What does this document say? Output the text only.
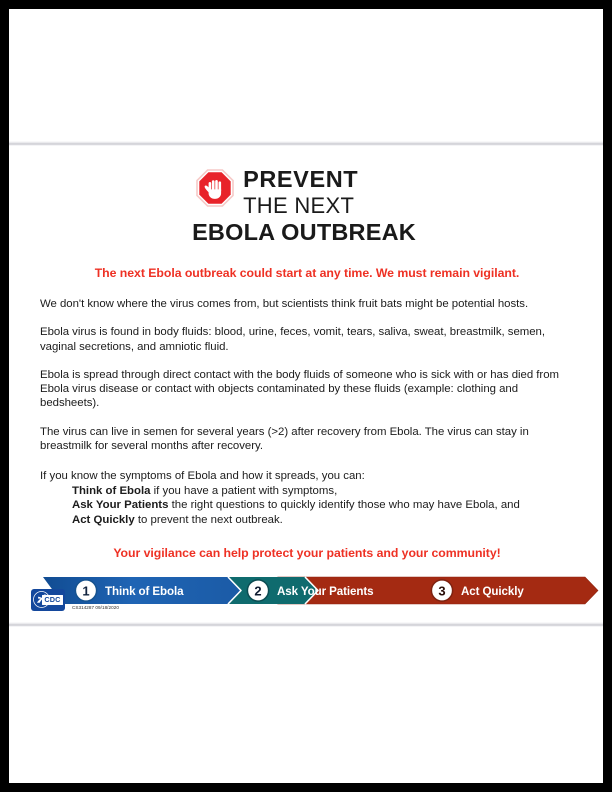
PREVENT
THE NEXT
EBOLA OUTBREAK

The next Ebola outbreak could start at any time. We must remain vigilant.

We don't know where the virus comes from, but scientists think fruit bats might be potential hosts.

Ebola virus is found in body fluids: blood, urine, feces, vomit, tears, saliva, sweat, breastmilk, semen, vaginal secretions, and amniotic fluid.

Ebola is spread through direct contact with the body fluids of someone who is sick with or has died from Ebola virus disease or contact with objects contaminated by these fluids (example: clothing and bedsheets).

The virus can live in semen for several years (>2) after recovery from Ebola. The virus can stay in breastmilk for several months after recovery.

If you know the symptoms of Ebola and how it spreads, you can:

Think of Ebola if you have a patient with symptoms,
Ask Your Patients the right questions to quickly identify those who may have Ebola, and
Act Quickly to prevent the next outbreak.

Your vigilance can help protect your patients and your community!

1	2	3
Think of Ebola	Ask Your Patients	Act Quickly
CDC
CS314287 09/18/2020
